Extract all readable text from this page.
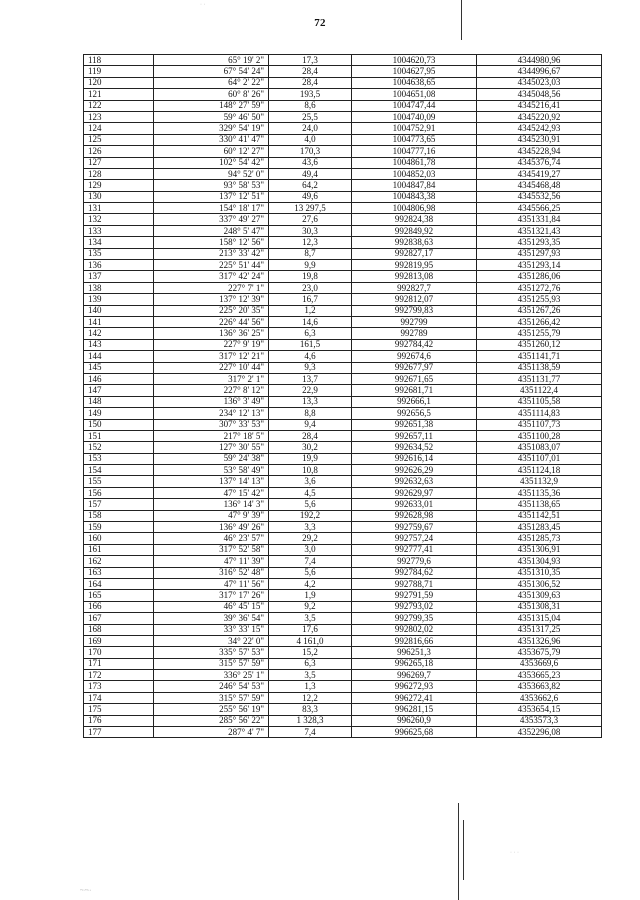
· ·
72
118	65° 19' 2"	17,3	1004620,73	4344980,96
119	67° 54' 24"	28,4	1004627,95	4344996,67
120	64° 2' 22"	28,4	1004638,65	4345023,03
121	60° 8' 26"	193,5	1004651,08	4345048,56
122	148° 27' 59"	8,6	1004747,44	4345216,41
123	59° 46' 50"	25,5	1004740,09	4345220,92
124	329° 54' 19"	24,0	1004752,91	4345242,93
125	330° 41' 47"	4,0	1004773,65	4345230,91
126	60° 12' 27"	170,3	1004777,16	4345228,94
127	102° 54' 42"	43,6	1004861,78	4345376,74
128	94° 52' 0"	49,4	1004852,03	4345419,27
129	93° 58' 53"	64,2	1004847,84	4345468,48
130	137° 12' 51"	49,6	1004843,38	4345532,56
131	154° 18' 17"	13 297,5	1004806,98	4345566,25
132	337° 49' 27"	27,6	992824,38	4351331,84
133	248° 5' 47"	30,3	992849,92	4351321,43
134	158° 12' 56"	12,3	992838,63	4351293,35
135	213° 33' 42"	8,7	992827,17	4351297,93
136	225° 51' 44"	9,9	992819,95	4351293,14
137	317° 42' 24"	19,8	992813,08	4351286,06
138	227° 7' 1"	23,0	992827,7	4351272,76
139	137° 12' 39"	16,7	992812,07	4351255,93
140	225° 20' 35"	1,2	992799,83	4351267,26
141	226° 44' 56"	14,6	992799	4351266,42
142	136° 36' 25"	6,3	992789	4351255,79
143	227° 9' 19"	161,5	992784,42	4351260,12
144	317° 12' 21"	4,6	992674,6	4351141,71
145	227° 10' 44"	9,3	992677,97	4351138,59
146	317° 2' 1"	13,7	992671,65	4351131,77
147	227° 8' 12"	22,9	992681,71	4351122,4
148	136° 3' 49"	13,3	992666,1	4351105,58
149	234° 12' 13"	8,8	992656,5	4351114,83
150	307° 33' 53"	9,4	992651,38	4351107,73
151	217° 18' 5"	28,4	992657,11	4351100,28
152	127° 30' 55"	30,2	992634,52	4351083,07
153	59° 24' 38"	19,9	992616,14	4351107,01
154	53° 58' 49"	10,8	992626,29	4351124,18
155	137° 14' 13"	3,6	992632,63	4351132,9
156	47° 15' 42"	4,5	992629,97	4351135,36
157	136° 14' 3"	5,6	992633,01	4351138,65
158	47° 9' 39"	192,2	992628,98	4351142,51
159	136° 49' 26"	3,3	992759,67	4351283,45
160	46° 23' 57"	29,2	992757,24	4351285,73
161	317° 52' 58"	3,0	992777,41	4351306,91
162	47° 11' 39"	7,4	992779,6	4351304,93
163	316° 52' 48"	5,6	992784,62	4351310,35
164	47° 11' 56"	4,2	992788,71	4351306,52
165	317° 17' 26"	1,9	992791,59	4351309,63
166	46° 45' 15"	9,2	992793,02	4351308,31
167	39° 36' 54"	3,5	992799,35	4351315,04
168	33° 33' 15"	17,6	992802,02	4351317,25
169	34° 22' 0"	4 161,0	992816,66	4351326,96
170	335° 57' 53"	15,2	996251,3	4353675,79
171	315° 57' 59"	6,3	996265,18	4353669,6
172	336° 25' 1"	3,5	996269,7	4353665,23
173	246° 54' 53"	1,3	996272,93	4353663,82
174	315° 57' 59"	12,2	996272,41	4353662,6
175	255° 56' 19"	83,3	996281,15	4353654,15
176	285° 56' 22"	1 328,3	996260,9	4353573,3
177	287° 4' 7"	7,4	996625,68	4352296,08
~·~··
· · ·
